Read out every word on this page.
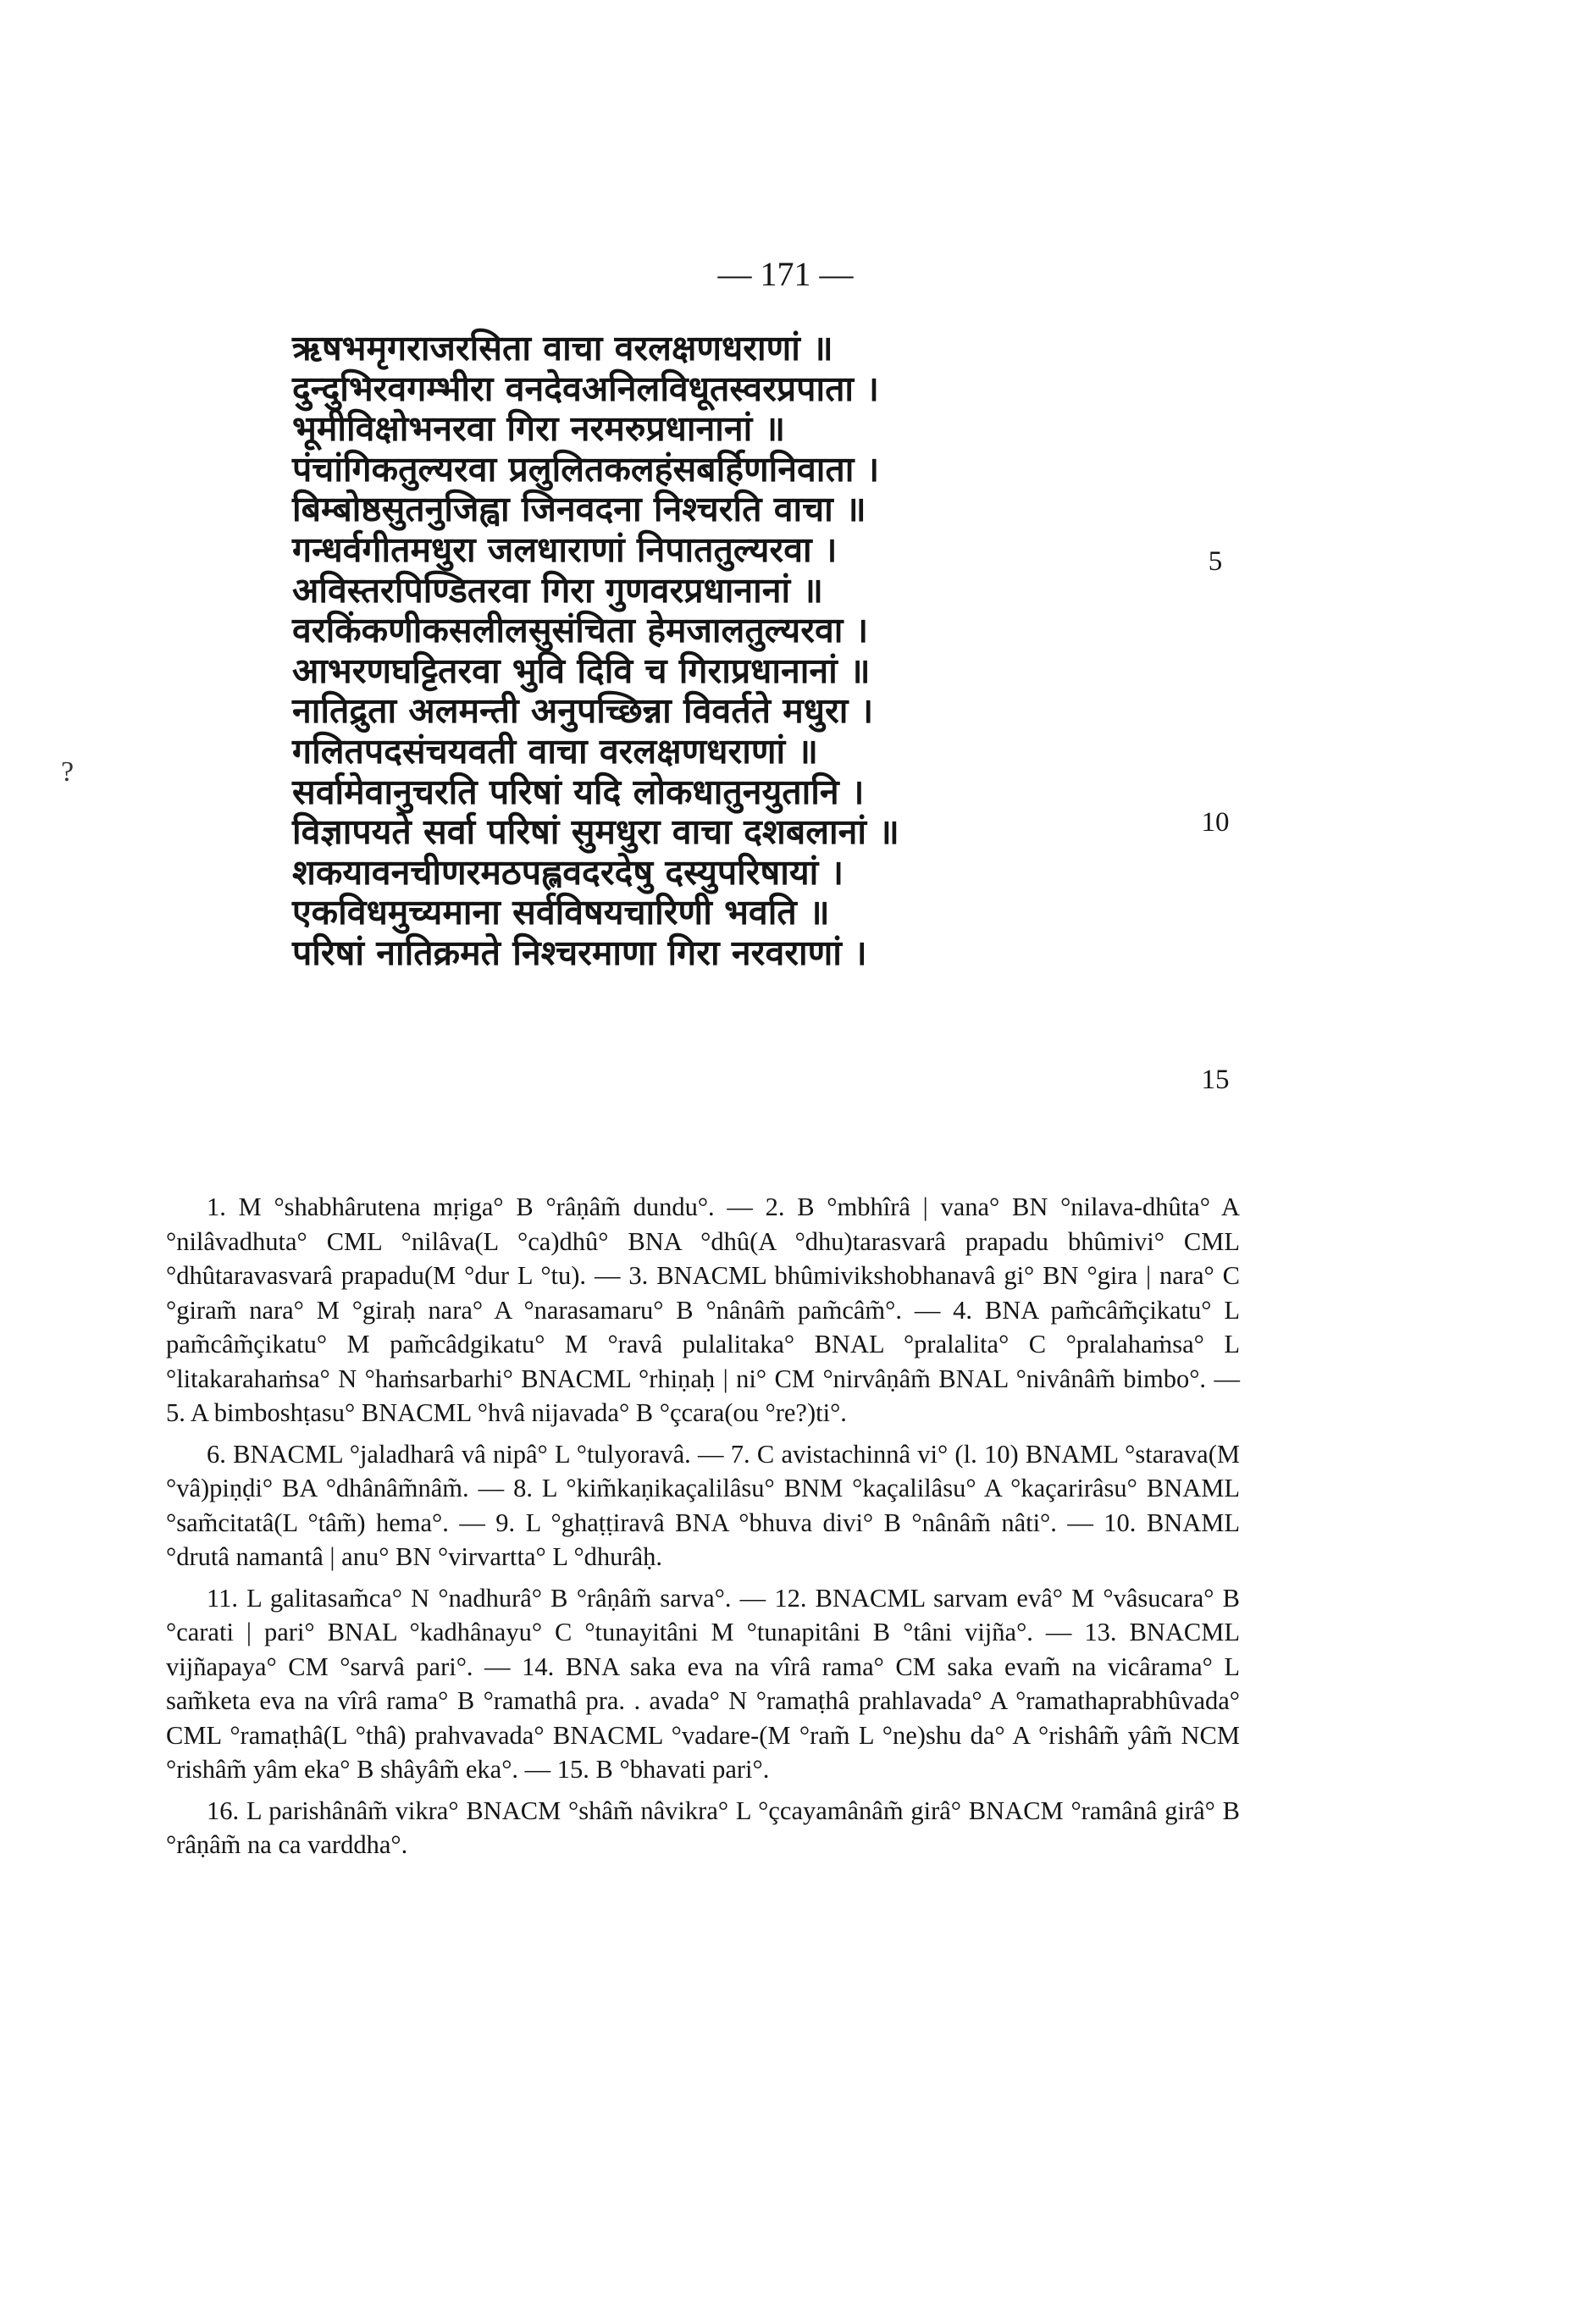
— 171 —
?
ऋषभमृगराजरसिता वाचा वरलक्षणधराणां ॥
दुन्दुभिरवगम्भीरा वनदेवअनिलविधूतस्वरप्रपाता ।
भूमीविक्षोभनरवा गिरा नरमरुप्रधानानां ॥
पंचांगिकतुल्यरवा प्रलुलितकलहंसबर्हिणनिवाता ।
बिम्बोष्ठसुतनुजिह्वा जिनवदना निश्चरति वाचा ॥
गन्धर्वगीतमधुरा जलधाराणां निपाततुल्यरवा ।
अविस्तरपिण्डितरवा गिरा गुणवरप्रधानानां ॥
वरकिंकणीकसलीलसुसंचिता हेमजालतुल्यरवा ।
आभरणघट्टितरवा भुवि दिवि च गिराप्रधानानां ॥
नातिद्रुता अलमन्ती अनुपच्छिन्ना विवर्तते मधुरा ।
गलितपदसंचयवती वाचा वरलक्षणधराणां ॥
सर्वामेवानुचरति परिषां यदि लोकधातुनयुतानि ।
विज्ञापयते सर्वा परिषां सुमधुरा वाचा दशबलानां ॥
शकयावनचीणरमठपह्लवदरदेषु दस्युपरिषायां ।
एकविधमुच्यमाना सर्वविषयचारिणी भवति ॥
परिषां नातिक्रमते निश्चरमाणा गिरा नरवराणां ।
5
10
15

1. M °shabhârutena mṛiga° B °râṇâm̃ dundu°. — 2. B °mbhîrâ | vana° BN °nilava-dhûta° A °nilâvadhuta° CML °nilâva(L °ca)dhû° BNA °dhû(A °dhu)tarasvarâ prapadu bhûmivi° CML °dhûtaravasvarâ prapadu(M °dur L °tu). — 3. BNACML bhûmivikshobhanavâ gi° BN °gira | nara° C °giram̃ nara° M °giraḥ nara° A °narasamaru° B °nânâm̃ pam̃câm̃°. — 4. BNA pam̃câm̃çikatu° L pam̃câm̃çikatu° M pam̃câdgikatu° M °ravâ pulalitaka° BNAL °pralalita° C °pralahaṁsa° L °litakarahaṁsa° N °haṁsarbarhi° BNACML °rhiṇaḥ | ni° CM °nirvâṇâm̃ BNAL °nivânâm̃ bimbo°. — 5. A bimboshṭasu° BNACML °hvâ nijavada° B °çcara(ou °re?)ti°.

6. BNACML °jaladharâ vâ nipâ° L °tulyoravâ. — 7. C avistachinnâ vi° (l. 10) BNAML °starava(M °vâ)piṇḍi° BA °dhânâm̃nâm̃. — 8. L °kim̃kaṇikaçalilâsu° BNM °kaçalilâsu° A °kaçarirâsu° BNAML °sam̃citatâ(L °tâm̃) hema°. — 9. L °ghaṭṭiravâ BNA °bhuva divi° B °nânâm̃ nâti°. — 10. BNAML °drutâ namantâ | anu° BN °virvartta° L °dhurâḥ.

11. L galitasam̃ca° N °nadhurâ° B °râṇâm̃ sarva°. — 12. BNACML sarvam evâ° M °vâsucara° B °carati | pari° BNAL °kadhânayu° C °tunayitâni M °tunapitâni B °tâni vijña°. — 13. BNACML vijñapaya° CM °sarvâ pari°. — 14. BNA saka eva na vîrâ rama° CM saka evam̃ na vicârama° L sam̃keta eva na vîrâ rama° B °ramathâ pra. . avada° N °ramaṭhâ prahlavada° A °ramathaprabhûvada° CML °ramaṭhâ(L °thâ) prahvavada° BNACML °vadare-(M °ram̃ L °ne)shu da° A °rishâm̃ yâm̃ NCM °rishâm̃ yâm eka° B shâyâm̃ eka°. — 15. B °bhavati pari°.

16. L parishânâm̃ vikra° BNACM °shâm̃ nâvikra° L °çcayamânâm̃ girâ° BNACM °ramânâ girâ° B °râṇâm̃ na ca varddha°.
